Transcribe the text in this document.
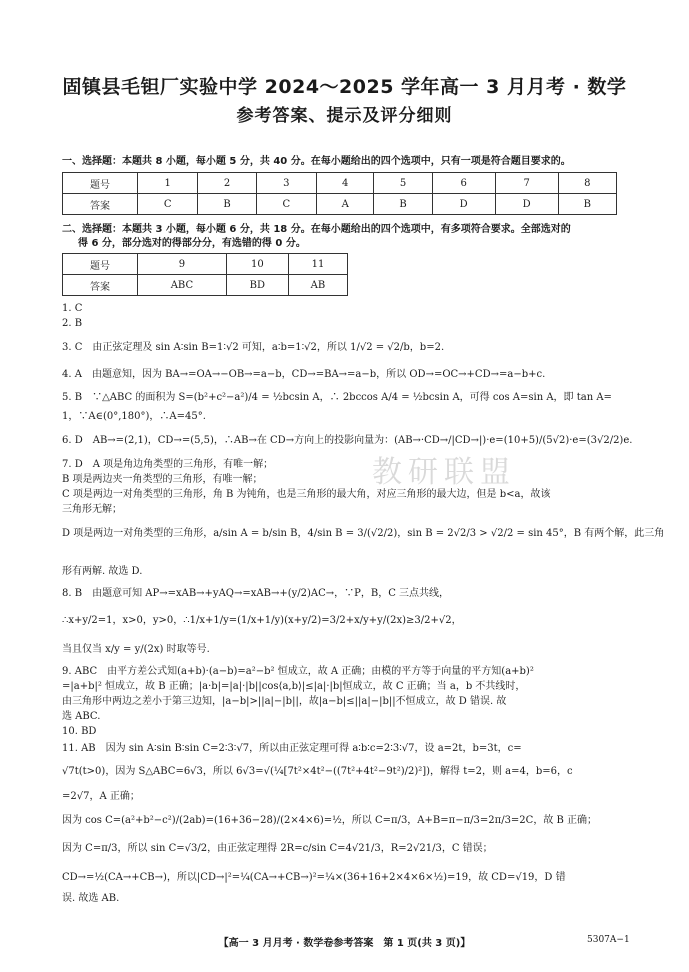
教研联盟
固镇县毛钽厂实验中学 2024～2025 学年高一 3 月月考 · 数学
参考答案、提示及评分细则
一、选择题：本题共 8 小题，每小题 5 分，共 40 分。在每小题给出的四个选项中，只有一项是符合题目要求的。
题号	1	2	3	4	5	6	7	8
答案	C	B	C	A	B	D	D	B
二、选择题：本题共 3 小题，每小题 6 分，共 18 分。在每小题给出的四个选项中，有多项符合要求。全部选对的
得 6 分，部分选对的得部分分，有选错的得 0 分。
题号	9	10	11
答案	ABC	BD	AB
1. C
2. B
3. C　由正弦定理及 sin A∶sin B=1∶√2 可知，a∶b=1∶√2，所以 1/√2 = √2/b，b=2.
4. A　由题意知，因为 BA→=OA→−OB→=a−b，CD→=BA→=a−b，所以 OD→=OC→+CD→=a−b+c.
5. B　∵△ABC 的面积为 S=(b²+c²−a²)/4 = ½bcsin A，∴ 2bccos A/4 = ½bcsin A，可得 cos A=sin A，即 tan A=
1，∵A∈(0°,180°)，∴A=45°.
6. D　AB→=(2,1)，CD→=(5,5)，∴AB→在 CD→方向上的投影向量为：(AB→·CD→/|CD→|)·e=(10+5)/(5√2)·e=(3√2/2)e.
7. D　A 项是角边角类型的三角形，有唯一解；
B 项是两边夹一角类型的三角形，有唯一解；
C 项是两边一对角类型的三角形，角 B 为钝角，也是三角形的最大角，对应三角形的最大边，但是 b<a，故该
三角形无解；
D 项是两边一对角类型的三角形，a/sin A = b/sin B，4/sin B = 3/(√2/2)，sin B = 2√2/3 > √2/2 = sin 45°，B 有两个解，此三角
形有两解. 故选 D.
8. B　由题意可知 AP→=xAB→+yAQ→=xAB→+(y/2)AC→，∵P，B，C 三点共线，
∴x+y/2=1，x>0，y>0，∴1/x+1/y=(1/x+1/y)(x+y/2)=3/2+x/y+y/(2x)≥3/2+√2，
当且仅当 x/y = y/(2x) 时取等号.
9. ABC　由平方差公式知(a+b)·(a−b)=a²−b² 恒成立，故 A 正确；由模的平方等于向量的平方知(a+b)²
=|a+b|² 恒成立，故 B 正确；|a·b|=|a|·|b||cos⟨a,b⟩|≤|a|·|b|恒成立，故 C 正确；当 a，b 不共线时，
由三角形中两边之差小于第三边知，|a−b|>||a|−|b||，故|a−b|≤||a|−|b||不恒成立，故 D 错误. 故
选 ABC.
10. BD
11. AB　因为 sin A∶sin B∶sin C=2∶3∶√7，所以由正弦定理可得 a∶b∶c=2∶3∶√7，设 a=2t，b=3t，c=
√7t(t>0)，因为 S△ABC=6√3，所以 6√3=√(¼[7t²×4t²−((7t²+4t²−9t²)/2)²])，解得 t=2，则 a=4，b=6，c
=2√7，A 正确；
因为 cos C=(a²+b²−c²)/(2ab)=(16+36−28)/(2×4×6)=½，所以 C=π/3，A+B=π−π/3=2π/3=2C，故 B 正确；
因为 C=π/3，所以 sin C=√3/2，由正弦定理得 2R=c/sin C=4√21/3，R=2√21/3，C 错误；
CD→=½(CA→+CB→)，所以|CD→|²=¼(CA→+CB→)²=¼×(36+16+2×4×6×½)=19，故 CD=√19，D 错
误. 故选 AB.
【高一 3 月月考 · 数学卷参考答案　第 1 页(共 3 页)】	5307A−1
